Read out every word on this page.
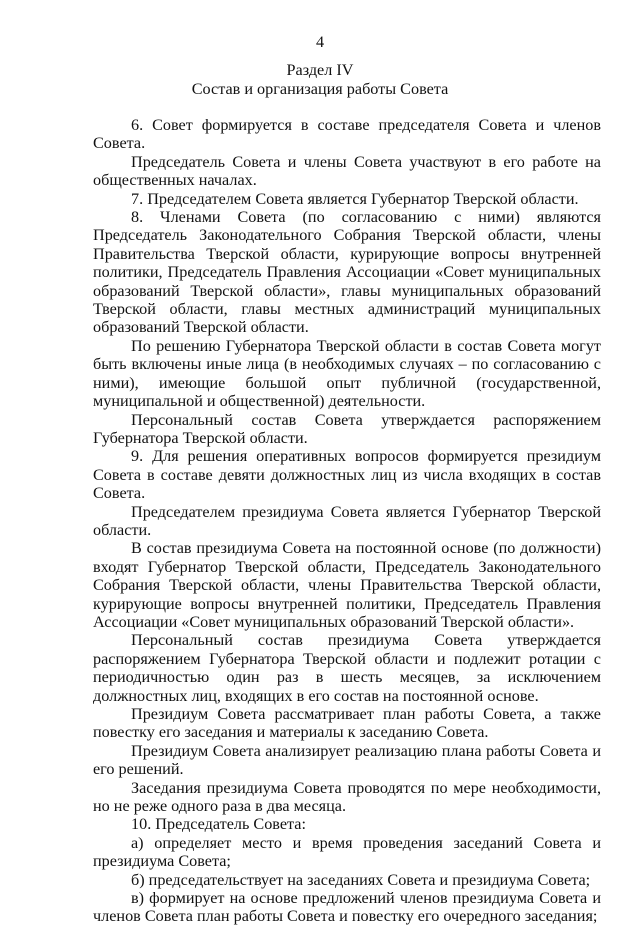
4
Раздел IV
Состав и организация работы Совета

6. Совет формируется в составе председателя Совета и членов Совета.

Председатель Совета и члены Совета участвуют в его работе на общественных началах.

7. Председателем Совета является Губернатор Тверской области.

8. Членами Совета (по согласованию с ними) являются Председатель Законодательного Собрания Тверской области, члены Правительства Тверской области, курирующие вопросы внутренней политики, Председатель Правления Ассоциации «Совет муниципальных образований Тверской области», главы муниципальных образований Тверской области, главы местных администраций муниципальных образований Тверской области.

По решению Губернатора Тверской области в состав Совета могут быть включены иные лица (в необходимых случаях – по согласованию с ними), имеющие большой опыт публичной (государственной, муниципальной и общественной) деятельности.

Персональный состав Совета утверждается распоряжением Губернатора Тверской области.

9. Для решения оперативных вопросов формируется президиум Совета в составе девяти должностных лиц из числа входящих в состав Совета.

Председателем президиума Совета является Губернатор Тверской области.

В состав президиума Совета на постоянной основе (по должности) входят Губернатор Тверской области, Председатель Законодательного Собрания Тверской области, члены Правительства Тверской области, курирующие вопросы внутренней политики, Председатель Правления Ассоциации «Совет муниципальных образований Тверской области».

Персональный состав президиума Совета утверждается распоряжением Губернатора Тверской области и подлежит ротации с периодичностью один раз в шесть месяцев, за исключением должностных лиц, входящих в его состав на постоянной основе.

Президиум Совета рассматривает план работы Совета, а также повестку его заседания и материалы к заседанию Совета.

Президиум Совета анализирует реализацию плана работы Совета и его решений.

Заседания президиума Совета проводятся по мере необходимости, но не реже одного раза в два месяца.

10. Председатель Совета:

а) определяет место и время проведения заседаний Совета и президиума Совета;

б) председательствует на заседаниях Совета и президиума Совета;

в) формирует на основе предложений членов президиума Совета и членов Совета план работы Совета и повестку его очередного заседания;
